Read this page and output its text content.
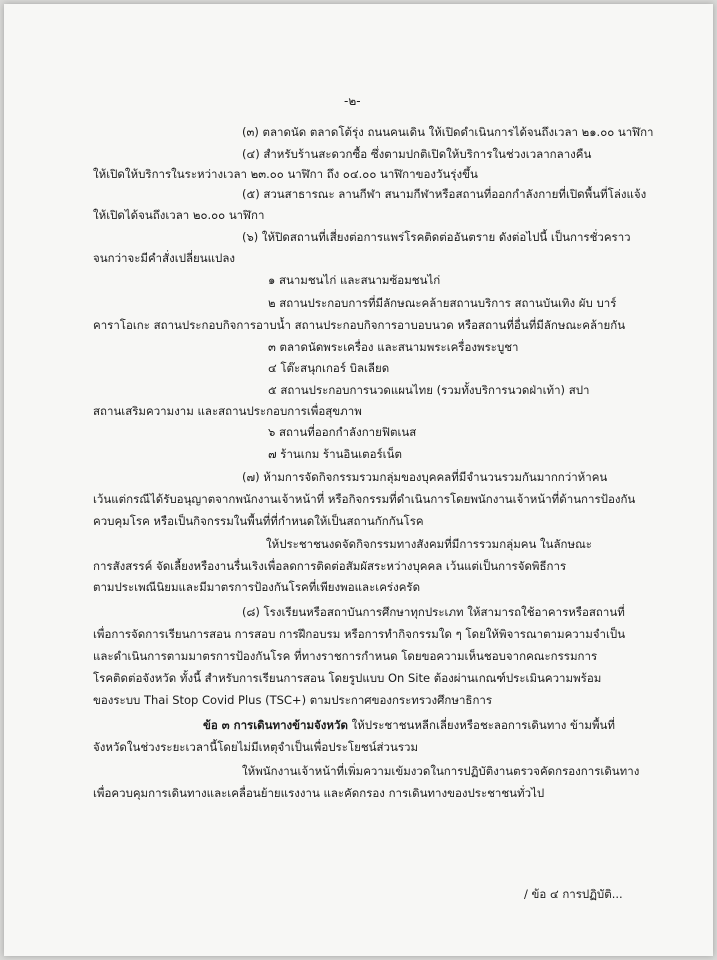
-๒-
(๓) ตลาดนัด ตลาดโต้รุ่ง ถนนคนเดิน ให้เปิดดำเนินการได้จนถึงเวลา ๒๑.๐๐ นาฬิกา
(๔) สำหรับร้านสะดวกซื้อ ซึ่งตามปกติเปิดให้บริการในช่วงเวลากลางคืน
ให้เปิดให้บริการในระหว่างเวลา ๒๓.๐๐ นาฬิกา ถึง ๐๔.๐๐ นาฬิกาของวันรุ่งขึ้น
(๕) สวนสาธารณะ ลานกีฬา สนามกีฬาหรือสถานที่ออกกำลังกายที่เปิดพื้นที่โล่งแจ้ง
ให้เปิดได้จนถึงเวลา ๒๐.๐๐ นาฬิกา
(๖) ให้ปิดสถานที่เสี่ยงต่อการแพร่โรคติดต่ออันตราย ดังต่อไปนี้ เป็นการชั่วคราว
จนกว่าจะมีคำสั่งเปลี่ยนแปลง
๑ สนามชนไก่ และสนามซ้อมชนไก่
๒ สถานประกอบการที่มีลักษณะคล้ายสถานบริการ สถานบันเทิง ผับ บาร์
คาราโอเกะ สถานประกอบกิจการอาบน้ำ สถานประกอบกิจการอาบอบนวด หรือสถานที่อื่นที่มีลักษณะคล้ายกัน
๓ ตลาดนัดพระเครื่อง และสนามพระเครื่องพระบูชา
๔ โต๊ะสนุกเกอร์ บิลเลียด
๕ สถานประกอบการนวดแผนไทย (รวมทั้งบริการนวดฝ่าเท้า) สปา
สถานเสริมความงาม และสถานประกอบการเพื่อสุขภาพ
๖ สถานที่ออกกำลังกายฟิตเนส
๗ ร้านเกม ร้านอินเตอร์เน็ต
(๗) ห้ามการจัดกิจกรรมรวมกลุ่มของบุคคลที่มีจำนวนรวมกันมากกว่าห้าคน
เว้นแต่กรณีได้รับอนุญาตจากพนักงานเจ้าหน้าที่ หรือกิจกรรมที่ดำเนินการโดยพนักงานเจ้าหน้าที่ด้านการป้องกัน
ควบคุมโรค หรือเป็นกิจกรรมในพื้นที่ที่กำหนดให้เป็นสถานกักกันโรค
ให้ประชาชนงดจัดกิจกรรมทางสังคมที่มีการรวมกลุ่มคน ในลักษณะ
การสังสรรค์ จัดเลี้ยงหรืองานรื่นเริงเพื่อลดการติดต่อสัมผัสระหว่างบุคคล เว้นแต่เป็นการจัดพิธีการ
ตามประเพณีนิยมและมีมาตรการป้องกันโรคที่เพียงพอและเคร่งครัด
(๘) โรงเรียนหรือสถาบันการศึกษาทุกประเภท ให้สามารถใช้อาคารหรือสถานที่
เพื่อการจัดการเรียนการสอน การสอบ การฝึกอบรม หรือการทำกิจกรรมใด ๆ โดยให้พิจารณาตามความจำเป็น
และดำเนินการตามมาตรการป้องกันโรค ที่ทางราชการกำหนด โดยขอความเห็นชอบจากคณะกรรมการ
โรคติดต่อจังหวัด ทั้งนี้ สำหรับการเรียนการสอน โดยรูปแบบ On Site ต้องผ่านเกณฑ์ประเมินความพร้อม
ของระบบ Thai Stop Covid Plus (TSC+) ตามประกาศของกระทรวงศึกษาธิการ
ข้อ ๓ การเดินทางข้ามจังหวัด ให้ประชาชนหลีกเลี่ยงหรือชะลอการเดินทาง ข้ามพื้นที่
จังหวัดในช่วงระยะเวลานี้โดยไม่มีเหตุจำเป็นเพื่อประโยชน์ส่วนรวม
ให้พนักงานเจ้าหน้าที่เพิ่มความเข้มงวดในการปฏิบัติงานตรวจคัดกรองการเดินทาง
เพื่อควบคุมการเดินทางและเคลื่อนย้ายแรงงาน และคัดกรอง การเดินทางของประชาชนทั่วไป
/ ข้อ ๔ การปฏิบัติ...
